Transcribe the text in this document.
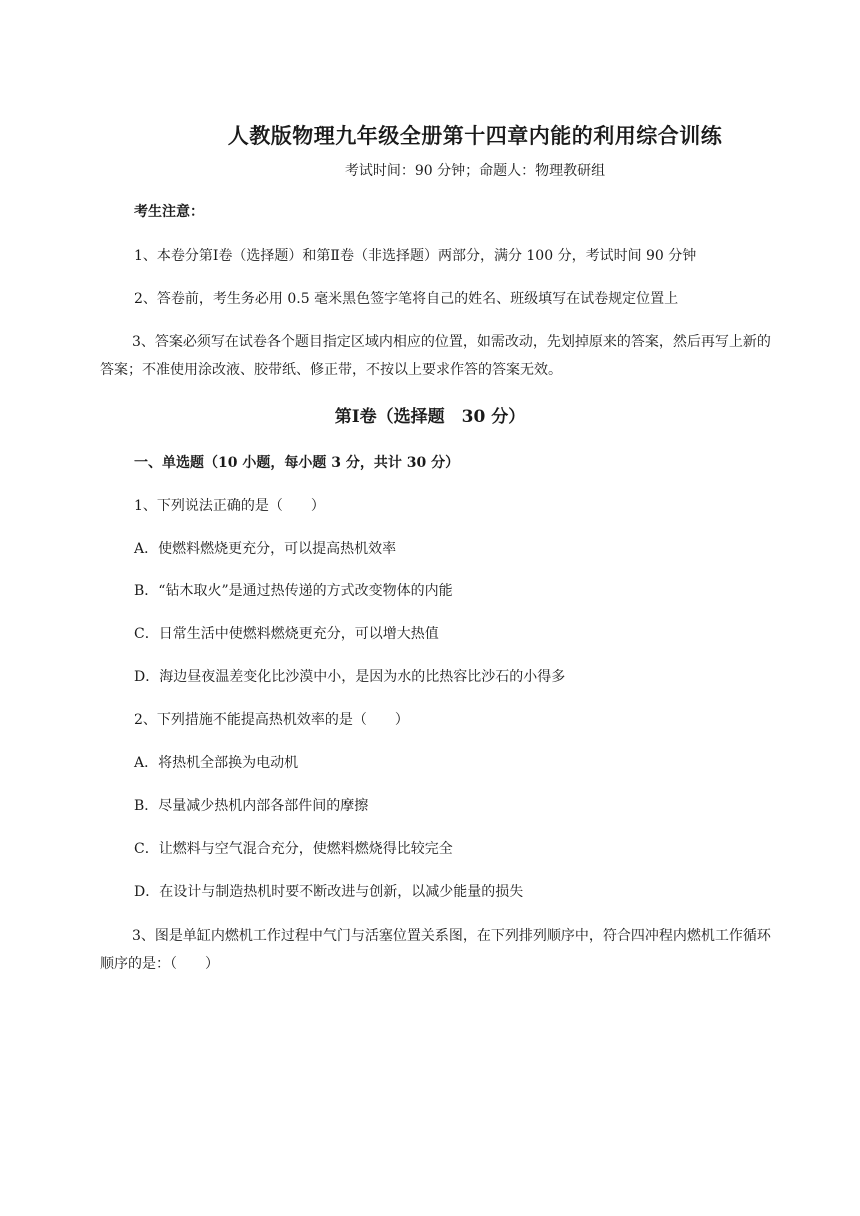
人教版物理九年级全册第十四章内能的利用综合训练
考试时间：90 分钟；命题人：物理教研组
考生注意：
1、本卷分第Ⅰ卷（选择题）和第Ⅱ卷（非选择题）两部分，满分 100 分，考试时间 90 分钟
2、答卷前，考生务必用 0.5 毫米黑色签字笔将自己的姓名、班级填写在试卷规定位置上
3、答案必须写在试卷各个题目指定区域内相应的位置，如需改动，先划掉原来的答案，然后再写上新的答案；不准使用涂改液、胶带纸、修正带，不按以上要求作答的答案无效。
第Ⅰ卷（选择题　30 分）
一、单选题（10 小题，每小题 3 分，共计 30 分）
1、下列说法正确的是（　　）
A．使燃料燃烧更充分，可以提高热机效率
B．“钻木取火”是通过热传递的方式改变物体的内能
C．日常生活中使燃料燃烧更充分，可以增大热值
D．海边昼夜温差变化比沙漠中小，是因为水的比热容比沙石的小得多
2、下列措施不能提高热机效率的是（　　）
A．将热机全部换为电动机
B．尽量减少热机内部各部件间的摩擦
C．让燃料与空气混合充分，使燃料燃烧得比较完全
D．在设计与制造热机时要不断改进与创新，以减少能量的损失
3、图是单缸内燃机工作过程中气门与活塞位置关系图，在下列排列顺序中，符合四冲程内燃机工作循环顺序的是：（　　）
